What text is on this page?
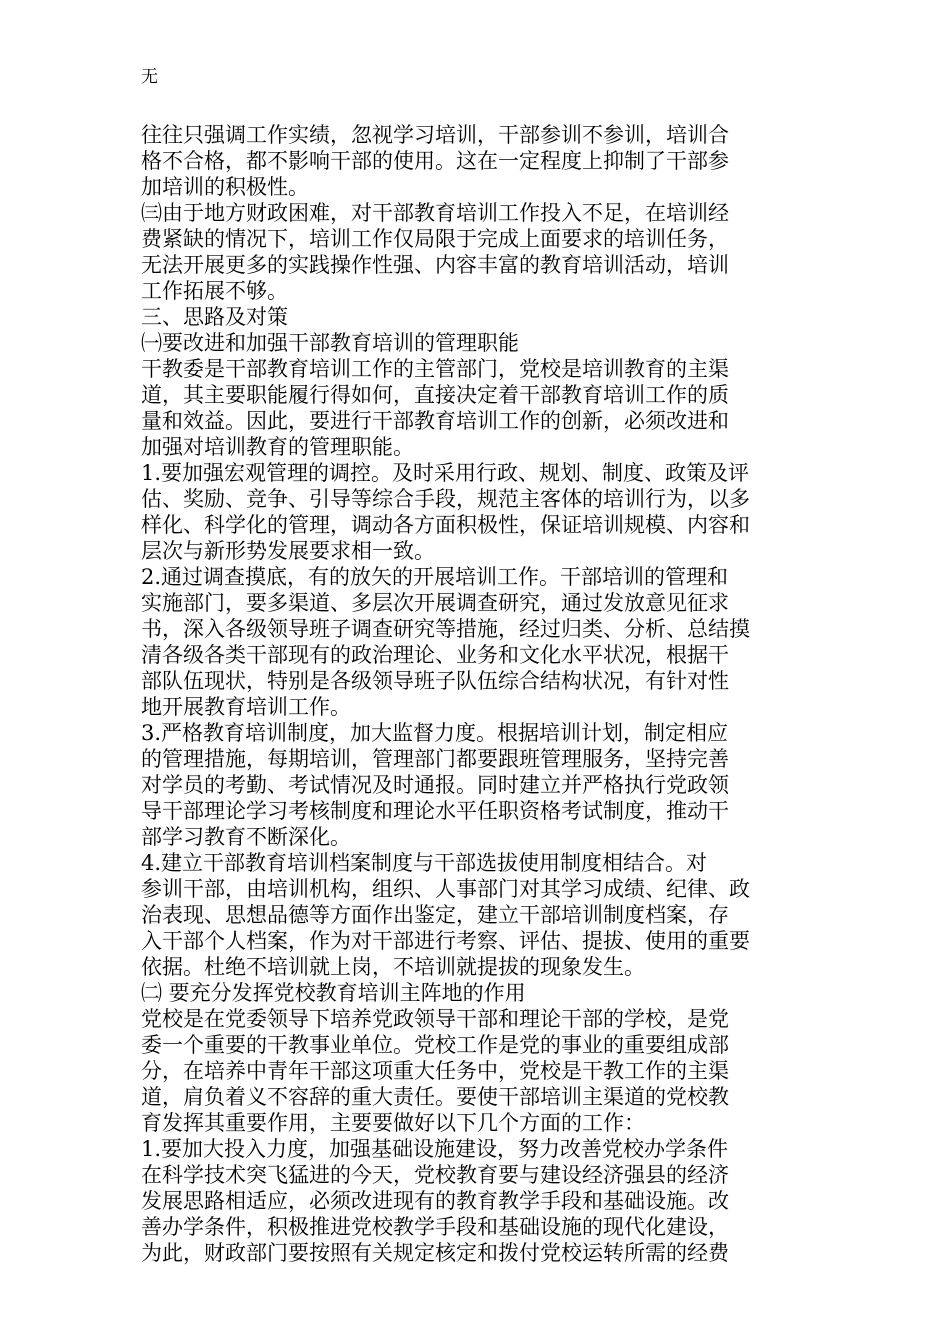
无
往往只强调工作实绩，忽视学习培训，干部参训不参训，培训合
格不合格，都不影响干部的使用。这在一定程度上抑制了干部参
加培训的积极性。
㈢由于地方财政困难，对干部教育培训工作投入不足，在培训经
费紧缺的情况下，培训工作仅局限于完成上面要求的培训任务，
无法开展更多的实践操作性强、内容丰富的教育培训活动，培训
工作拓展不够。
三、思路及对策
㈠要改进和加强干部教育培训的管理职能
干教委是干部教育培训工作的主管部门，党校是培训教育的主渠
道，其主要职能履行得如何，直接决定着干部教育培训工作的质
量和效益。因此，要进行干部教育培训工作的创新，必须改进和
加强对培训教育的管理职能。
1.要加强宏观管理的调控。及时采用行政、规划、制度、政策及评
估、奖励、竞争、引导等综合手段，规范主客体的培训行为，以多
样化、科学化的管理，调动各方面积极性，保证培训规模、内容和
层次与新形势发展要求相一致。
2.通过调查摸底，有的放矢的开展培训工作。干部培训的管理和
实施部门，要多渠道、多层次开展调查研究，通过发放意见征求
书，深入各级领导班子调查研究等措施，经过归类、分析、总结摸
清各级各类干部现有的政治理论、业务和文化水平状况，根据干
部队伍现状，特别是各级领导班子队伍综合结构状况，有针对性
地开展教育培训工作。
3.严格教育培训制度，加大监督力度。根据培训计划，制定相应
的管理措施，每期培训，管理部门都要跟班管理服务，坚持完善
对学员的考勤、考试情况及时通报。同时建立并严格执行党政领
导干部理论学习考核制度和理论水平任职资格考试制度，推动干
部学习教育不断深化。
4.建立干部教育培训档案制度与干部选拔使用制度相结合。对
参训干部，由培训机构，组织、人事部门对其学习成绩、纪律、政
治表现、思想品德等方面作出鉴定，建立干部培训制度档案，存
入干部个人档案，作为对干部进行考察、评估、提拔、使用的重要
依据。杜绝不培训就上岗，不培训就提拔的现象发生。
㈡ 要充分发挥党校教育培训主阵地的作用
党校是在党委领导下培养党政领导干部和理论干部的学校，是党
委一个重要的干教事业单位。党校工作是党的事业的重要组成部
分，在培养中青年干部这项重大任务中，党校是干教工作的主渠
道，肩负着义不容辞的重大责任。要使干部培训主渠道的党校教
育发挥其重要作用，主要要做好以下几个方面的工作：
1.要加大投入力度，加强基础设施建设，努力改善党校办学条件
在科学技术突飞猛进的今天，党校教育要与建设经济强县的经济
发展思路相适应，必须改进现有的教育教学手段和基础设施。改
善办学条件，积极推进党校教学手段和基础设施的现代化建设，
为此，财政部门要按照有关规定核定和拨付党校运转所需的经费
